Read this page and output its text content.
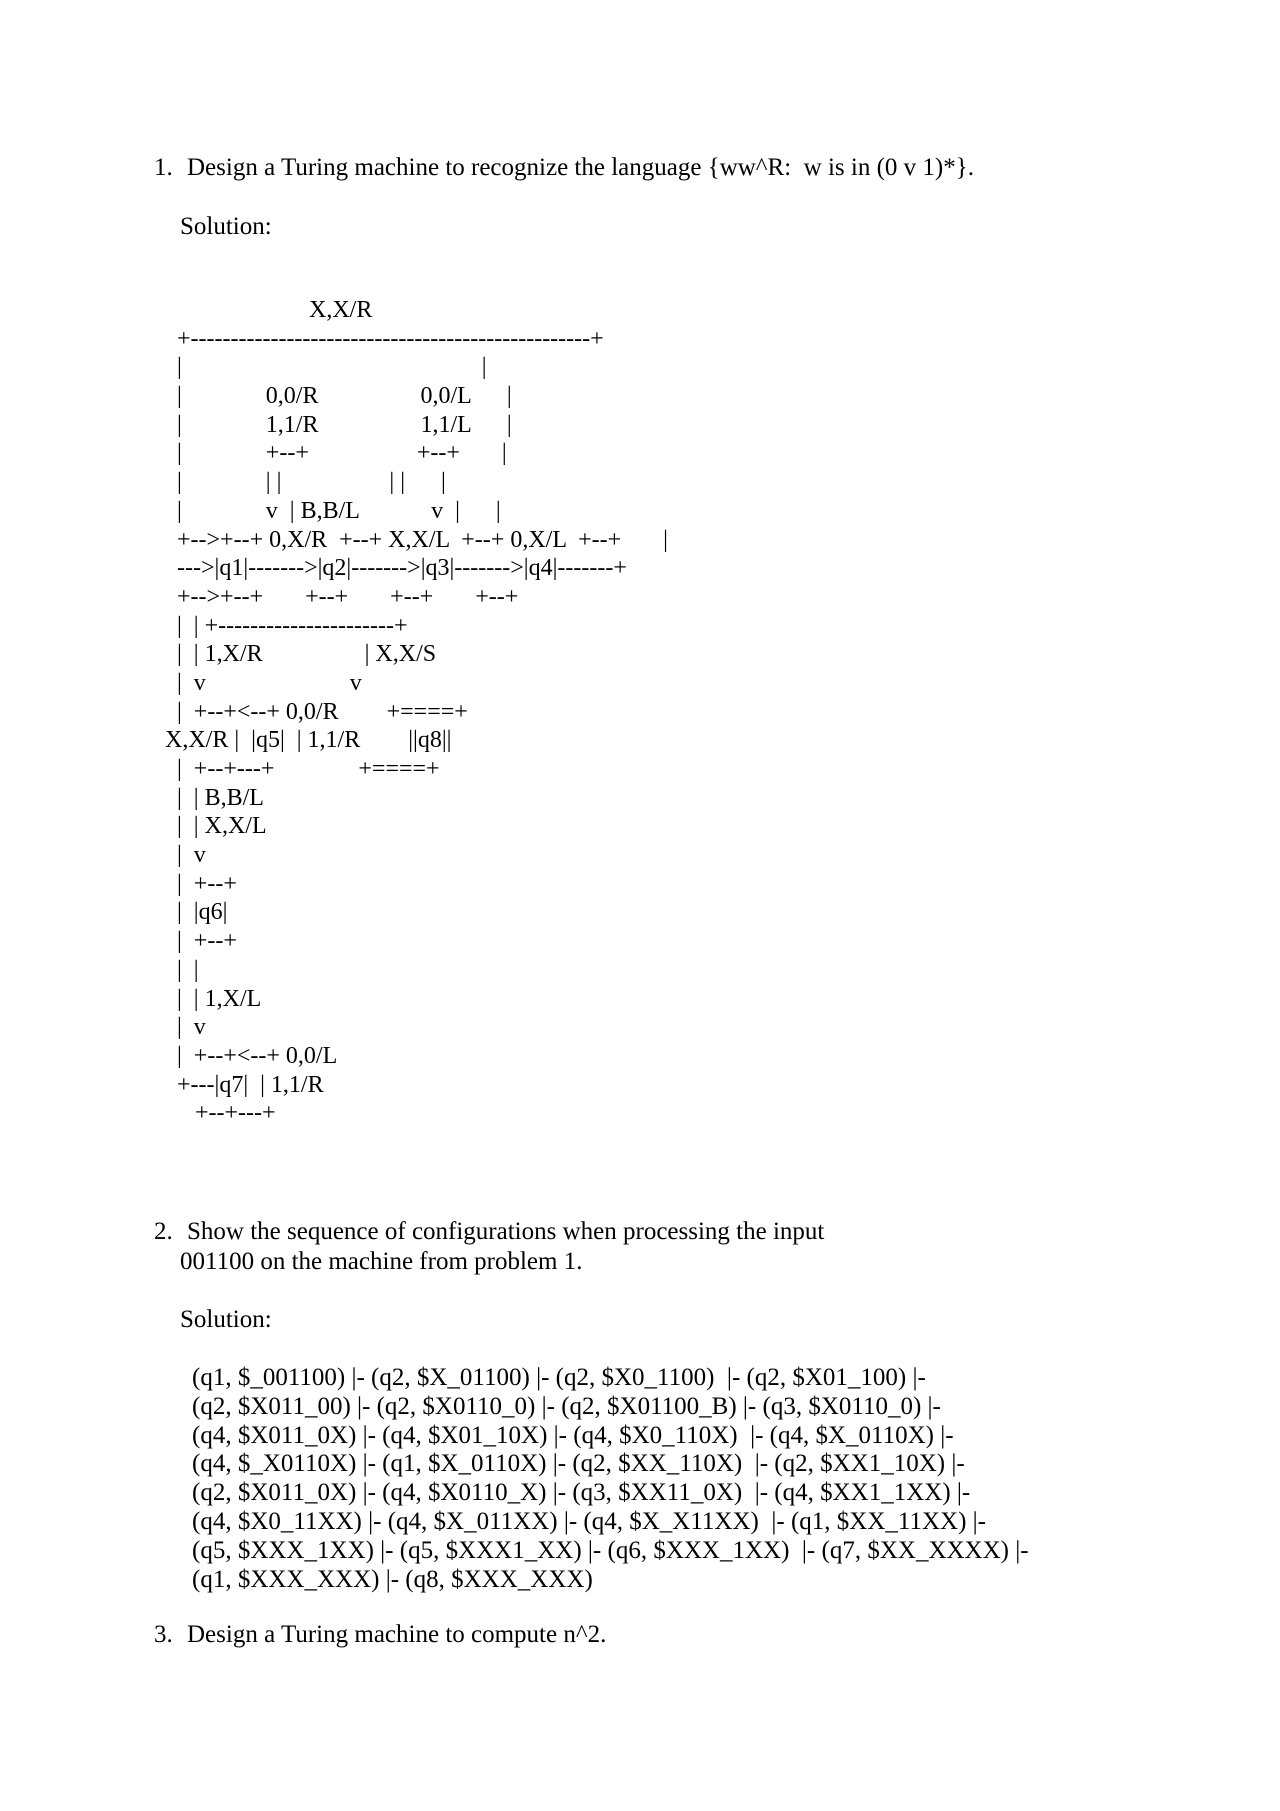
1. Design a Turing machine to recognize the language {ww^R:  w is in (0 v 1)*}.
Solution:
X,X/R
+--------------------------------------------------+
|                                                  |
|              0,0/R                 0,0/L      |
|              1,1/R                 1,1/L      |
|              +--+                  +--+       |
|              | |                  | |      |
|              v  | B,B/L            v  |      |
+-->+--+ 0,X/R  +--+ X,X/L  +--+ 0,X/L  +--+       |
--->|q1|------->|q2|------->|q3|------->|q4|-------+
+-->+--+       +--+       +--+       +--+
|  | +----------------------+
|  | 1,X/R                 | X,X/S
|  v                        v
|  +--+<--+ 0,0/R        +====+
X,X/R |  |q5|  | 1,1/R        ||q8||
|  +--+---+              +====+
|  | B,B/L
|  | X,X/L
|  v
|  +--+
|  |q6|
|  +--+
|  |
|  | 1,X/L
|  v
|  +--+<--+ 0,0/L
+---|q7|  | 1,1/R
+--+---+
2. Show the sequence of configurations when processing the input
001100 on the machine from problem 1.
Solution:
(q1, $_001100) |- (q2, $X_01100) |- (q2, $X0_1100)  |- (q2, $X01_100) |-
(q2, $X011_00) |- (q2, $X0110_0) |- (q2, $X01100_B) |- (q3, $X0110_0) |-
(q4, $X011_0X) |- (q4, $X01_10X) |- (q4, $X0_110X)  |- (q4, $X_0110X) |-
(q4, $_X0110X) |- (q1, $X_0110X) |- (q2, $XX_110X)  |- (q2, $XX1_10X) |-
(q2, $X011_0X) |- (q4, $X0110_X) |- (q3, $XX11_0X)  |- (q4, $XX1_1XX) |-
(q4, $X0_11XX) |- (q4, $X_011XX) |- (q4, $X_X11XX)  |- (q1, $XX_11XX) |-
(q5, $XXX_1XX) |- (q5, $XXX1_XX) |- (q6, $XXX_1XX)  |- (q7, $XX_XXXX) |-
(q1, $XXX_XXX) |- (q8, $XXX_XXX)
3. Design a Turing machine to compute n^2.
